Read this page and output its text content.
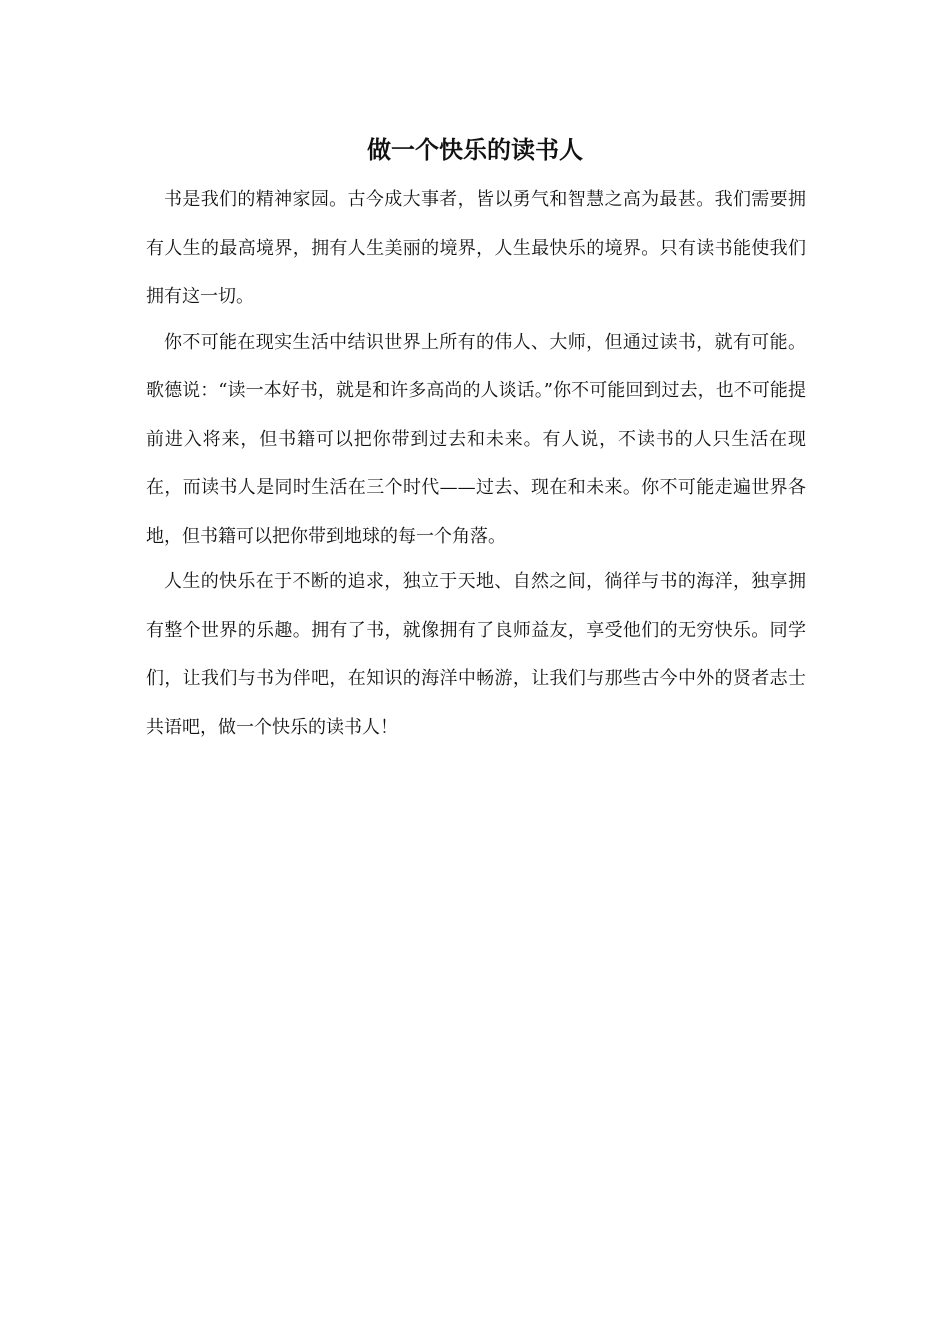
做一个快乐的读书人

书是我们的精神家园。古今成大事者，皆以勇气和智慧之高为最甚。我们需要拥有人生的最高境界，拥有人生美丽的境界，人生最快乐的境界。只有读书能使我们拥有这一切。

你不可能在现实生活中结识世界上所有的伟人、大师，但通过读书，就有可能。歌德说：“读一本好书，就是和许多高尚的人谈话。”你不可能回到过去，也不可能提前进入将来，但书籍可以把你带到过去和未来。有人说，不读书的人只生活在现在，而读书人是同时生活在三个时代——过去、现在和未来。你不可能走遍世界各地，但书籍可以把你带到地球的每一个角落。

人生的快乐在于不断的追求，独立于天地、自然之间，徜徉与书的海洋，独享拥有整个世界的乐趣。拥有了书，就像拥有了良师益友，享受他们的无穷快乐。同学们，让我们与书为伴吧，在知识的海洋中畅游，让我们与那些古今中外的贤者志士共语吧，做一个快乐的读书人！
